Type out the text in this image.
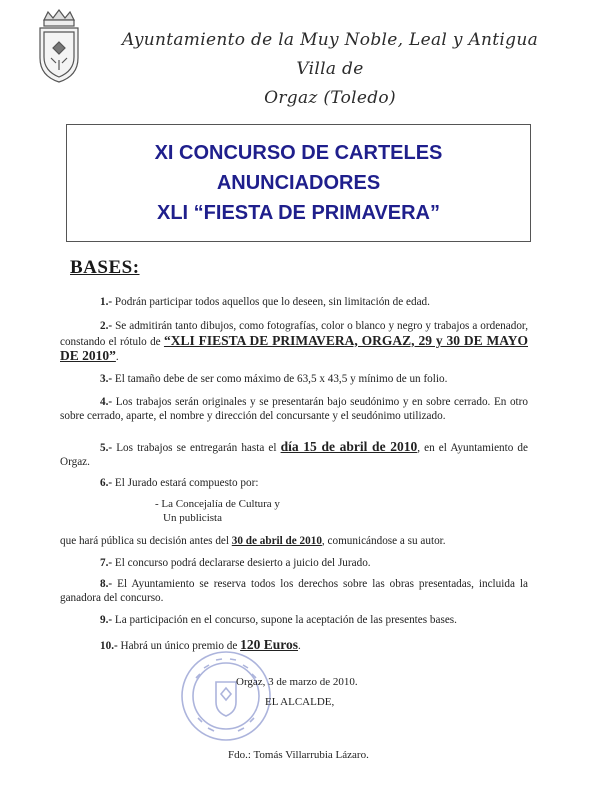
Ayuntamiento de la Muy Noble, Leal y Antigua Villa de
Orgaz (Toledo)
XI CONCURSO DE CARTELES
ANUNCIADORES
XLI “FIESTA DE PRIMAVERA”
BASES:
1.- Podrán participar todos aquellos que lo deseen, sin limitación de edad.
2.- Se admitirán tanto dibujos, como fotografías, color o blanco y negro y trabajos a ordenador, constando el rótulo de “XLI FIESTA DE PRIMAVERA, ORGAZ, 29 y 30 DE MAYO DE 2010”.
3.- El tamaño debe de ser como máximo de 63,5 x 43,5 y mínimo de un folio.
4.- Los trabajos serán originales y se presentarán bajo seudónimo y en sobre cerrado. En otro sobre cerrado, aparte, el nombre y dirección del concursante y el seudónimo utilizado.
5.- Los trabajos se entregarán hasta el día 15 de abril de 2010, en el Ayuntamiento de Orgaz.
6.- El Jurado estará compuesto por:
- La Concejalía de Cultura y
Un publicista
que hará pública su decisión antes del 30 de abril de 2010, comunicándose a su autor.
7.- El concurso podrá declararse desierto a juicio del Jurado.
8.- El Ayuntamiento se reserva todos los derechos sobre las obras presentadas, incluida la ganadora del concurso.
9.- La participación en el concurso, supone la aceptación de las presentes bases.
10.- Habrá un único premio de 120 Euros.
Orgaz, 3 de marzo de 2010.
EL ALCALDE,
Fdo.: Tomás Villarrubia Lázaro.
